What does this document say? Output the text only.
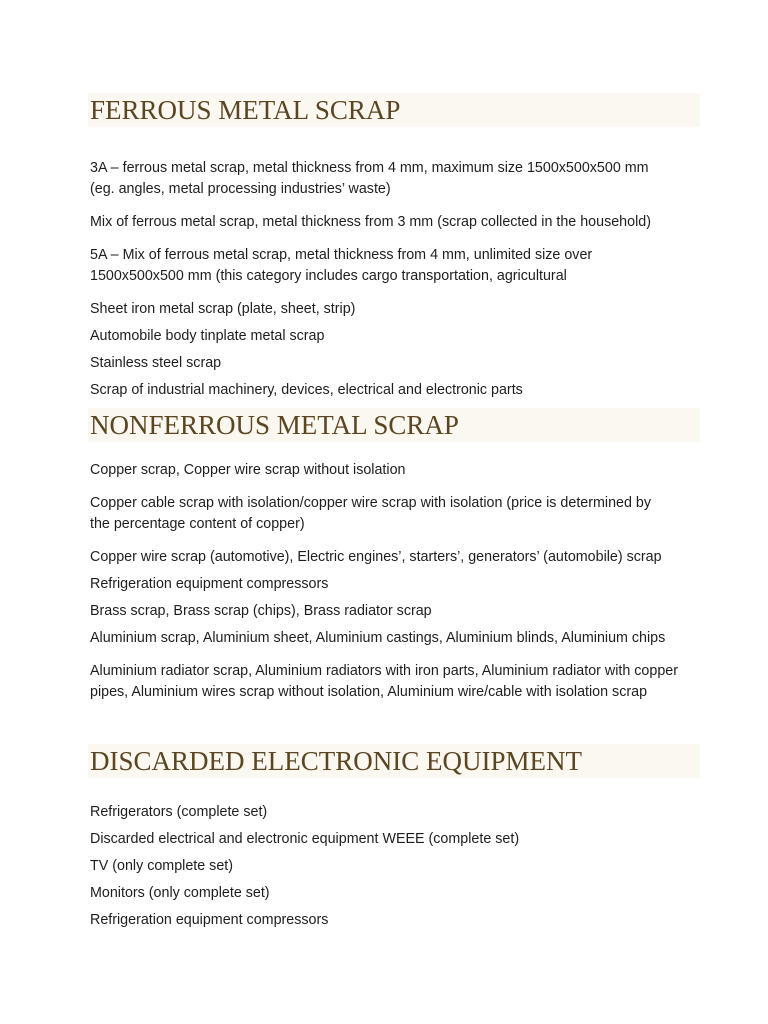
FERROUS METAL SCRAP
3A – ferrous metal scrap, metal thickness from 4 mm, maximum size 1500x500x500 mm
(eg. angles, metal processing industries’ waste)
Mix of ferrous metal scrap, metal thickness from 3 mm (scrap collected in the household)
5A – Mix of ferrous metal scrap, metal thickness from 4 mm, unlimited size over
1500x500x500 mm (this category includes cargo transportation, agricultural
Sheet iron metal scrap (plate, sheet, strip)
Automobile body tinplate metal scrap
Stainless steel scrap
Scrap of industrial machinery, devices, electrical and electronic parts
NONFERROUS METAL SCRAP
Copper scrap, Copper wire scrap without isolation
Copper cable scrap with isolation/copper wire scrap with isolation (price is determined by
the percentage content of copper)
Copper wire scrap (automotive), Electric engines’, starters’, generators’ (automobile) scrap
Refrigeration equipment compressors
Brass scrap, Brass scrap (chips), Brass radiator scrap
Aluminium scrap, Aluminium sheet, Aluminium castings, Aluminium blinds, Aluminium chips
Aluminium radiator scrap, Aluminium radiators with iron parts, Aluminium radiator with copper
pipes, Aluminium wires scrap without isolation, Aluminium wire/cable with isolation scrap
DISCARDED ELECTRONIC EQUIPMENT
Refrigerators (complete set)
Discarded electrical and electronic equipment WEEE (complete set)
TV (only complete set)
Monitors (only complete set)
Refrigeration equipment compressors
